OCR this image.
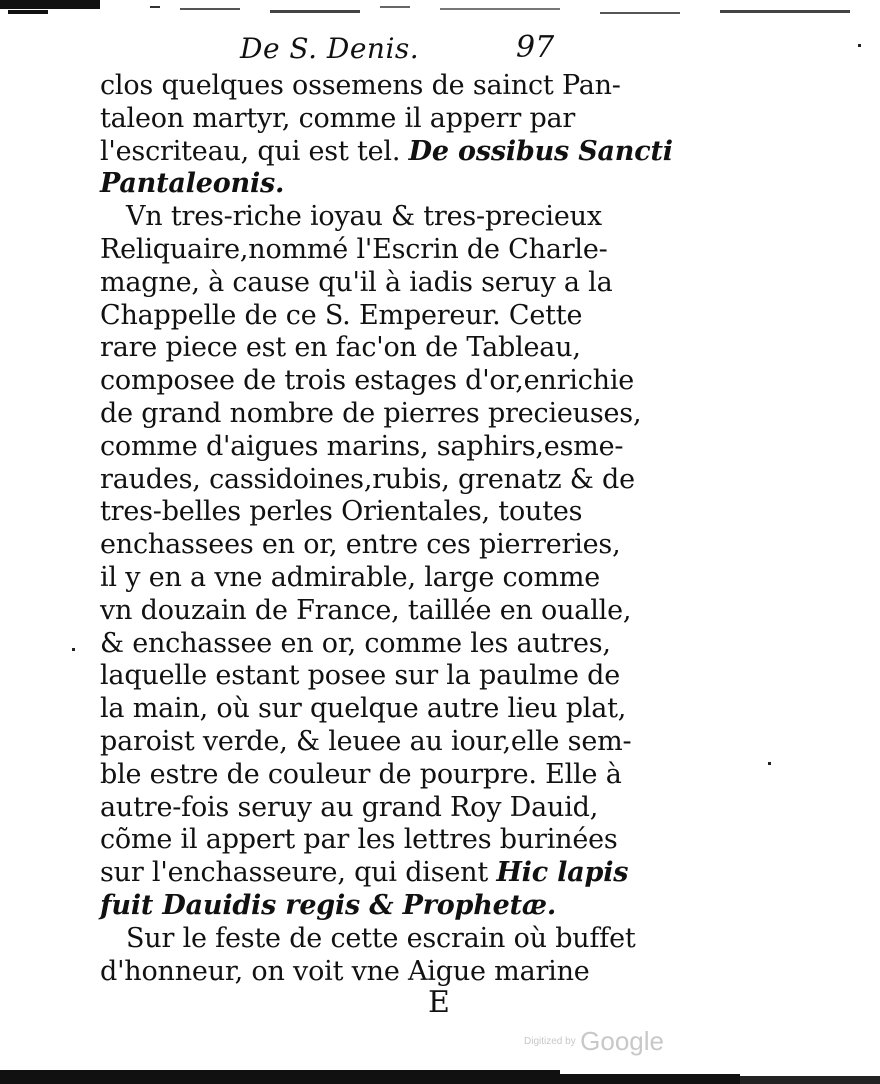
De S. Denis.	97
clos quelques ossemens de sainct Pan-
taleon martyr, comme il apperr par
l'escriteau, qui est tel. De ossibus Sancti
Pantaleonis.
Vn tres-riche ioyau & tres-precieux
Reliquaire,nommé l'Escrin de Charle-
magne, à cause qu'il à iadis seruy a la
Chappelle de ce S. Empereur. Cette
rare piece est en fac'on de Tableau,
composee de trois estages d'or,enrichie
de grand nombre de pierres precieuses,
comme d'aigues marins, saphirs,esme-
raudes, cassidoines,rubis, grenatz & de
tres-belles perles Orientales, toutes
enchassees en or, entre ces pierreries,
il y en a vne admirable, large comme
vn douzain de France, taillée en oualle,
& enchassee en or, comme les autres,
laquelle estant posee sur la paulme de
la main, où sur quelque autre lieu plat,
paroist verde, & leuee au iour,elle sem-
ble estre de couleur de pourpre. Elle à
autre-fois seruy au grand Roy Dauid,
cõme il appert par les lettres burinées
sur l'enchasseure, qui disent Hic lapis
fuit Dauidis regis & Prophetæ.
Sur le feste de cette escrain où buffet
d'honneur, on voit vne Aigue marine
E
Digitized by Google
